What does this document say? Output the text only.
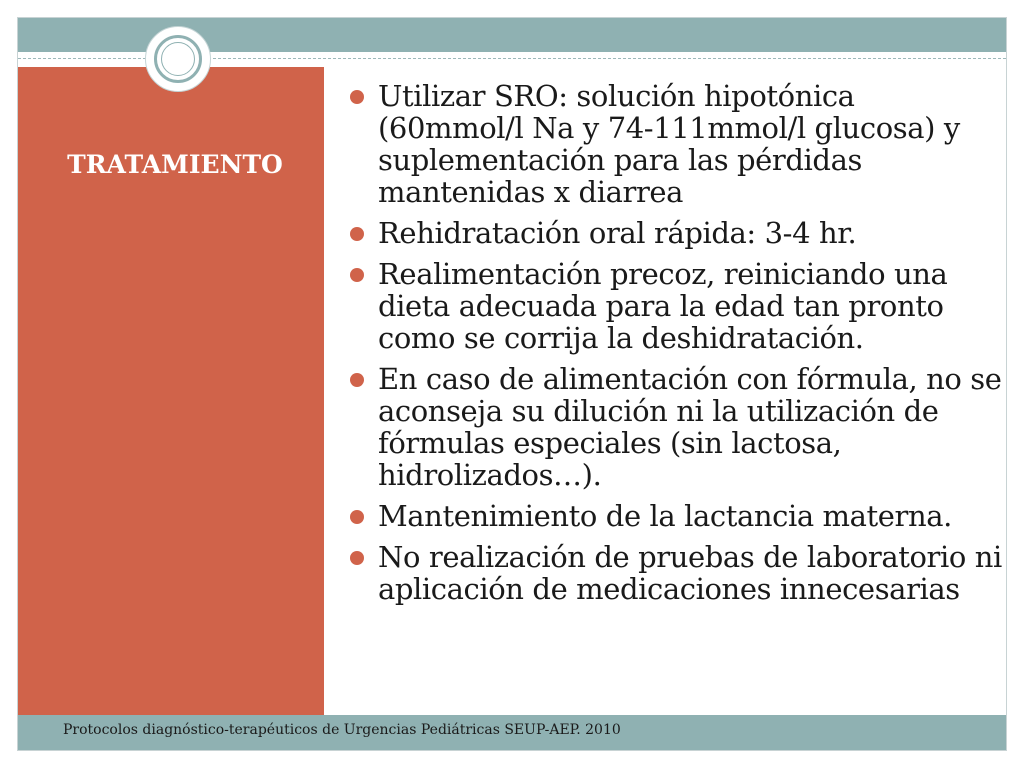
TRATAMIENTO
Utilizar SRO: solución hipotónica (60mmol/l Na y 74-111mmol/l glucosa) y suplementación para las pérdidas mantenidas x diarrea
Rehidratación oral rápida: 3-4 hr.
Realimentación precoz, reiniciando una dieta adecuada para la edad tan pronto como se corrija la deshidratación.
En caso de alimentación con fórmula, no se aconseja su dilución ni la utilización de fórmulas especiales (sin lactosa, hidrolizados…).
Mantenimiento de la lactancia materna.
No realización de pruebas de laboratorio ni aplicación de medicaciones innecesarias
Protocolos diagnóstico-terapéuticos de Urgencias Pediátricas SEUP-AEP. 2010
